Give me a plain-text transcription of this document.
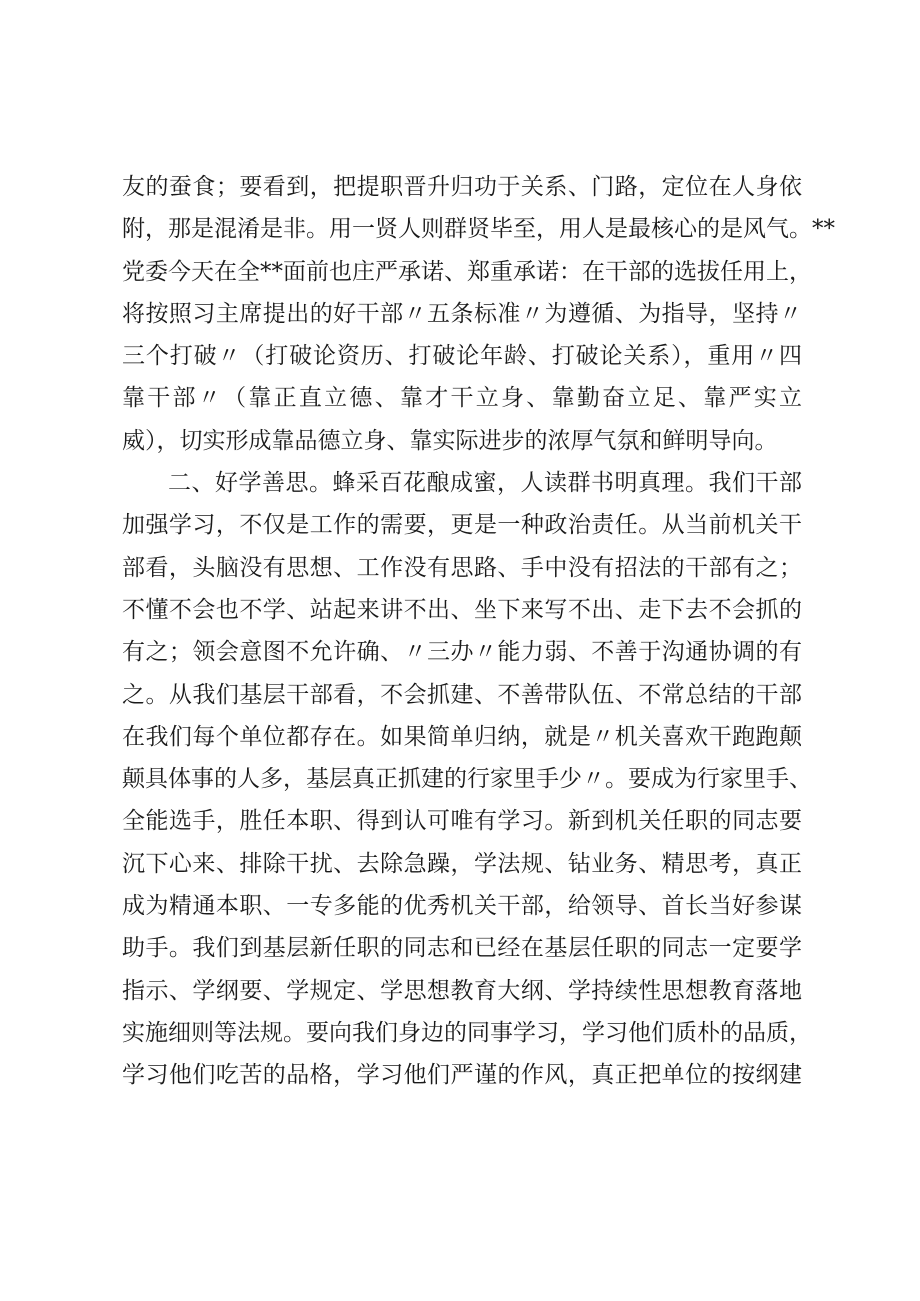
友的蚕食；要看到，把提职晋升归功于关系、门路，定位在人身依
附，那是混淆是非。用一贤人则群贤毕至，用人是最核心的是风气。**
党委今天在全**面前也庄严承诺、郑重承诺：在干部的选拔任用上，
将按照习主席提出的好干部〃五条标准〃为遵循、为指导，坚持〃
三个打破〃（打破论资历、打破论年龄、打破论关系），重用〃四
靠干部〃（靠正直立德、靠才干立身、靠勤奋立足、靠严实立
威），切实形成靠品德立身、靠实际进步的浓厚气氛和鲜明导向。
二、好学善思。蜂采百花酿成蜜，人读群书明真理。我们干部
加强学习，不仅是工作的需要，更是一种政治责任。从当前机关干
部看，头脑没有思想、工作没有思路、手中没有招法的干部有之；
不懂不会也不学、站起来讲不出、坐下来写不出、走下去不会抓的
有之；领会意图不允许确、〃三办〃能力弱、不善于沟通协调的有
之。从我们基层干部看，不会抓建、不善带队伍、不常总结的干部
在我们每个单位都存在。如果简单归纳，就是〃机关喜欢干跑跑颠
颠具体事的人多，基层真正抓建的行家里手少〃。要成为行家里手、
全能选手，胜任本职、得到认可唯有学习。新到机关任职的同志要
沉下心来、排除干扰、去除急躁，学法规、钻业务、精思考，真正
成为精通本职、一专多能的优秀机关干部，给领导、首长当好参谋
助手。我们到基层新任职的同志和已经在基层任职的同志一定要学
指示、学纲要、学规定、学思想教育大纲、学持续性思想教育落地
实施细则等法规。要向我们身边的同事学习，学习他们质朴的品质，
学习他们吃苦的品格，学习他们严谨的作风，真正把单位的按纲建
